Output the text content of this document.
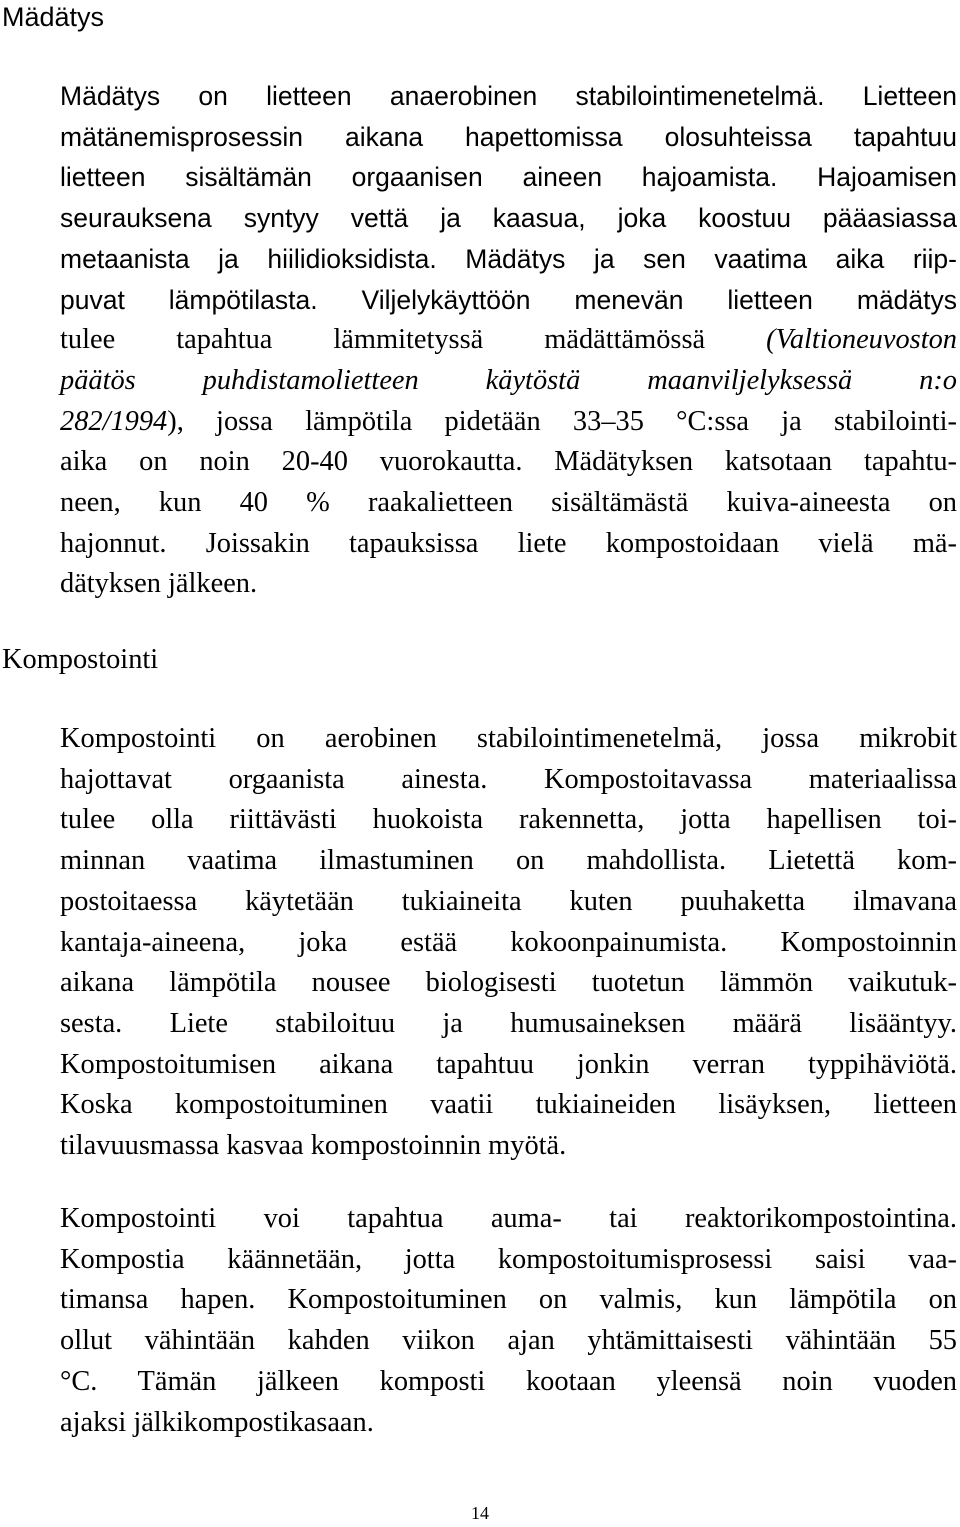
Mädätys
Mädätys on lietteen anaerobinen stabilointimenetelmä. Lietteen
mätänemisprosessin aikana hapettomissa olosuhteissa tapahtuu
lietteen sisältämän orgaanisen aineen hajoamista. Hajoamisen
seurauksena syntyy vettä ja kaasua, joka koostuu pääasiassa
metaanista ja hiilidioksidista. Mädätys ja sen vaatima aika riip-
puvat lämpötilasta. Viljelykäyttöön menevän lietteen mädätys
tulee tapahtua lämmitetyssä mädättämössä (Valtioneuvoston
päätös puhdistamolietteen käytöstä maanviljelyksessä n:o
282/1994), jossa lämpötila pidetään 33–35 °C:ssa ja stabilointi-
aika on noin 20-40 vuorokautta. Mädätyksen katsotaan tapahtu-
neen, kun 40 % raakalietteen sisältämästä kuiva-aineesta on
hajonnut. Joissakin tapauksissa liete kompostoidaan vielä mä-
dätyksen jälkeen.
Kompostointi
Kompostointi on aerobinen stabilointimenetelmä, jossa mikrobit
hajottavat orgaanista ainesta. Kompostoitavassa materiaalissa
tulee olla riittävästi huokoista rakennetta, jotta hapellisen toi-
minnan vaatima ilmastuminen on mahdollista. Lietettä kom-
postoitaessa käytetään tukiaineita kuten puuhaketta ilmavana
kantaja-aineena, joka estää kokoonpainumista. Kompostoinnin
aikana lämpötila nousee biologisesti tuotetun lämmön vaikutuk-
sesta. Liete stabiloituu ja humusaineksen määrä lisääntyy.
Kompostoitumisen aikana tapahtuu jonkin verran typpihäviötä.
Koska kompostoituminen vaatii tukiaineiden lisäyksen, lietteen
tilavuusmassa kasvaa kompostoinnin myötä.
Kompostointi voi tapahtua auma- tai reaktorikompostointina.
Kompostia käännetään, jotta kompostoitumisprosessi saisi vaa-
timansa hapen. Kompostoituminen on valmis, kun lämpötila on
ollut vähintään kahden viikon ajan yhtämittaisesti vähintään 55
°C. Tämän jälkeen komposti kootaan yleensä noin vuoden
ajaksi jälkikompostikasaan.

14
